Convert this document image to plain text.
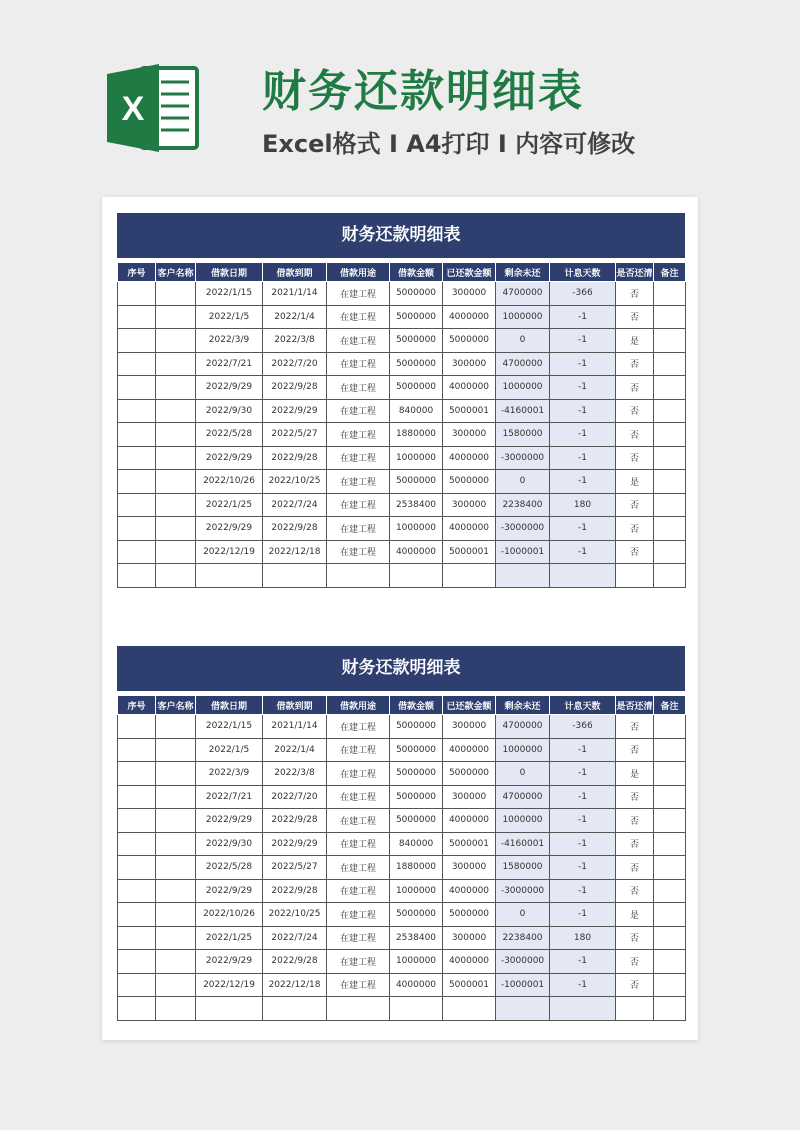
X	财务还款明细表
Excel格式 I A4打印 I 内容可修改
财务还款明细表
序号	客户名称	借款日期	借款到期	借款用途	借款金额	已还款金额	剩余未还	计息天数	是否还清	备注
		2022/1/15	2021/1/14	在建工程	5000000	300000	4700000	-366	否	
		2022/1/5	2022/1/4	在建工程	5000000	4000000	1000000	-1	否	
		2022/3/9	2022/3/8	在建工程	5000000	5000000	0	-1	是	
		2022/7/21	2022/7/20	在建工程	5000000	300000	4700000	-1	否	
		2022/9/29	2022/9/28	在建工程	5000000	4000000	1000000	-1	否	
		2022/9/30	2022/9/29	在建工程	840000	5000001	-4160001	-1	否	
		2022/5/28	2022/5/27	在建工程	1880000	300000	1580000	-1	否	
		2022/9/29	2022/9/28	在建工程	1000000	4000000	-3000000	-1	否	
		2022/10/26	2022/10/25	在建工程	5000000	5000000	0	-1	是	
		2022/1/25	2022/7/24	在建工程	2538400	300000	2238400	180	否	
		2022/9/29	2022/9/28	在建工程	1000000	4000000	-3000000	-1	否	
		2022/12/19	2022/12/18	在建工程	4000000	5000001	-1000001	-1	否	

财务还款明细表
序号	客户名称	借款日期	借款到期	借款用途	借款金额	已还款金额	剩余未还	计息天数	是否还清	备注
		2022/1/15	2021/1/14	在建工程	5000000	300000	4700000	-366	否	
		2022/1/5	2022/1/4	在建工程	5000000	4000000	1000000	-1	否	
		2022/3/9	2022/3/8	在建工程	5000000	5000000	0	-1	是	
		2022/7/21	2022/7/20	在建工程	5000000	300000	4700000	-1	否	
		2022/9/29	2022/9/28	在建工程	5000000	4000000	1000000	-1	否	
		2022/9/30	2022/9/29	在建工程	840000	5000001	-4160001	-1	否	
		2022/5/28	2022/5/27	在建工程	1880000	300000	1580000	-1	否	
		2022/9/29	2022/9/28	在建工程	1000000	4000000	-3000000	-1	否	
		2022/10/26	2022/10/25	在建工程	5000000	5000000	0	-1	是	
		2022/1/25	2022/7/24	在建工程	2538400	300000	2238400	180	否	
		2022/9/29	2022/9/28	在建工程	1000000	4000000	-3000000	-1	否	
		2022/12/19	2022/12/18	在建工程	4000000	5000001	-1000001	-1	否	
